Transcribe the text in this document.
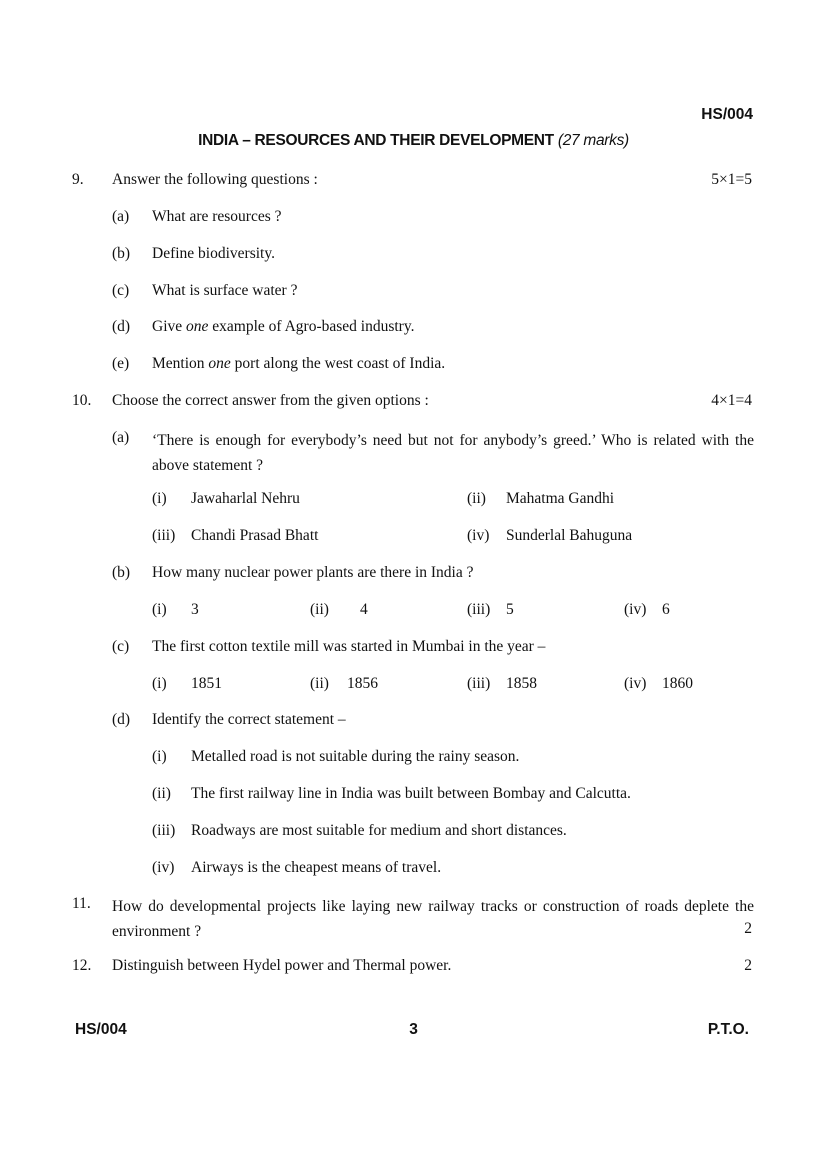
HS/004
INDIA – RESOURCES AND THEIR DEVELOPMENT (27 marks)
9. Answer the following questions :	5×1=5
(a) What are resources ?
(b) Define biodiversity.
(c) What is surface water ?
(d) Give one example of Agro-based industry.
(e) Mention one port along the west coast of India.
10. Choose the correct answer from the given options :	4×1=4
(a) ‘There is enough for everybody’s need but not for anybody’s greed.’ Who is related with the above statement ?
(i) Jawaharlal Nehru	(ii) Mahatma Gandhi
(iii) Chandi Prasad Bhatt	(iv) Sunderlal Bahuguna
(b) How many nuclear power plants are there in India ?
(i) 3	(ii) 4	(iii) 5	(iv) 6
(c) The first cotton textile mill was started in Mumbai in the year –
(i) 1851	(ii) 1856	(iii) 1858	(iv) 1860
(d) Identify the correct statement –
(i) Metalled road is not suitable during the rainy season.
(ii) The first railway line in India was built between Bombay and Calcutta.
(iii) Roadways are most suitable for medium and short distances.
(iv) Airways is the cheapest means of travel.
11. How do developmental projects like laying new railway tracks or construction of roads deplete the environment ?	2
12. Distinguish between Hydel power and Thermal power.	2
HS/004	3	P.T.O.
